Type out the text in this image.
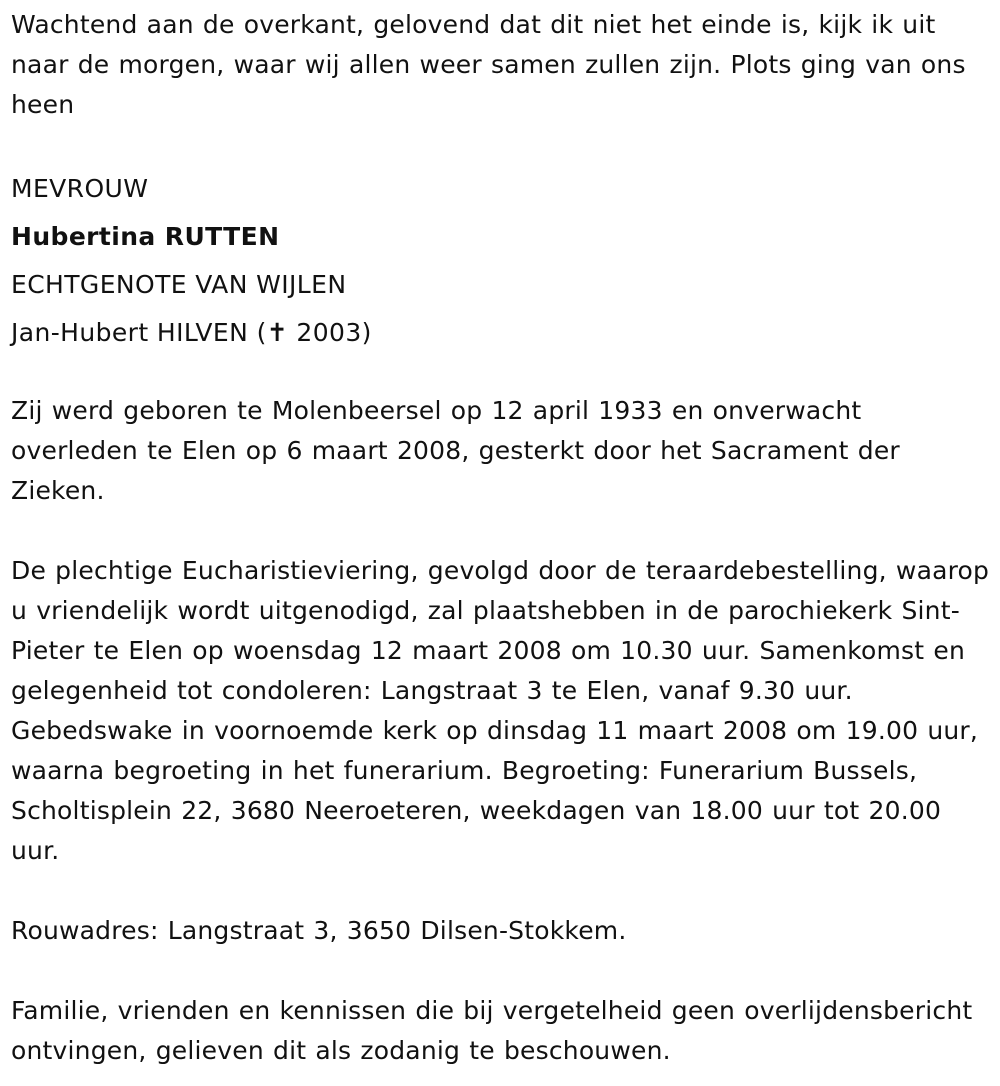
Wachtend aan de overkant, gelovend dat dit niet het einde is, kijk ik uit naar de morgen, waar wij allen weer samen zullen zijn. Plots ging van ons heen

MEVROUW
Hubertina RUTTEN
ECHTGENOTE VAN WIJLEN
Jan-Hubert HILVEN (✝ 2003)

Zij werd geboren te Molenbeersel op 12 april 1933 en onverwacht overleden te Elen op 6 maart 2008, gesterkt door het Sacrament der Zieken.

De plechtige Eucharistieviering, gevolgd door de teraardebestelling, waarop u vriendelijk wordt uitgenodigd, zal plaatshebben in de parochiekerk Sint-Pieter te Elen op woensdag 12 maart 2008 om 10.30 uur. Samenkomst en gelegenheid tot condoleren: Langstraat 3 te Elen, vanaf 9.30 uur. Gebedswake in voornoemde kerk op dinsdag 11 maart 2008 om 19.00 uur, waarna begroeting in het funerarium. Begroeting: Funerarium Bussels, Scholtisplein 22, 3680 Neeroeteren, weekdagen van 18.00 uur tot 20.00 uur.

Rouwadres: Langstraat 3, 3650 Dilsen-Stokkem.

Familie, vrienden en kennissen die bij vergetelheid geen overlijdensbericht ontvingen, gelieven dit als zodanig te beschouwen.
